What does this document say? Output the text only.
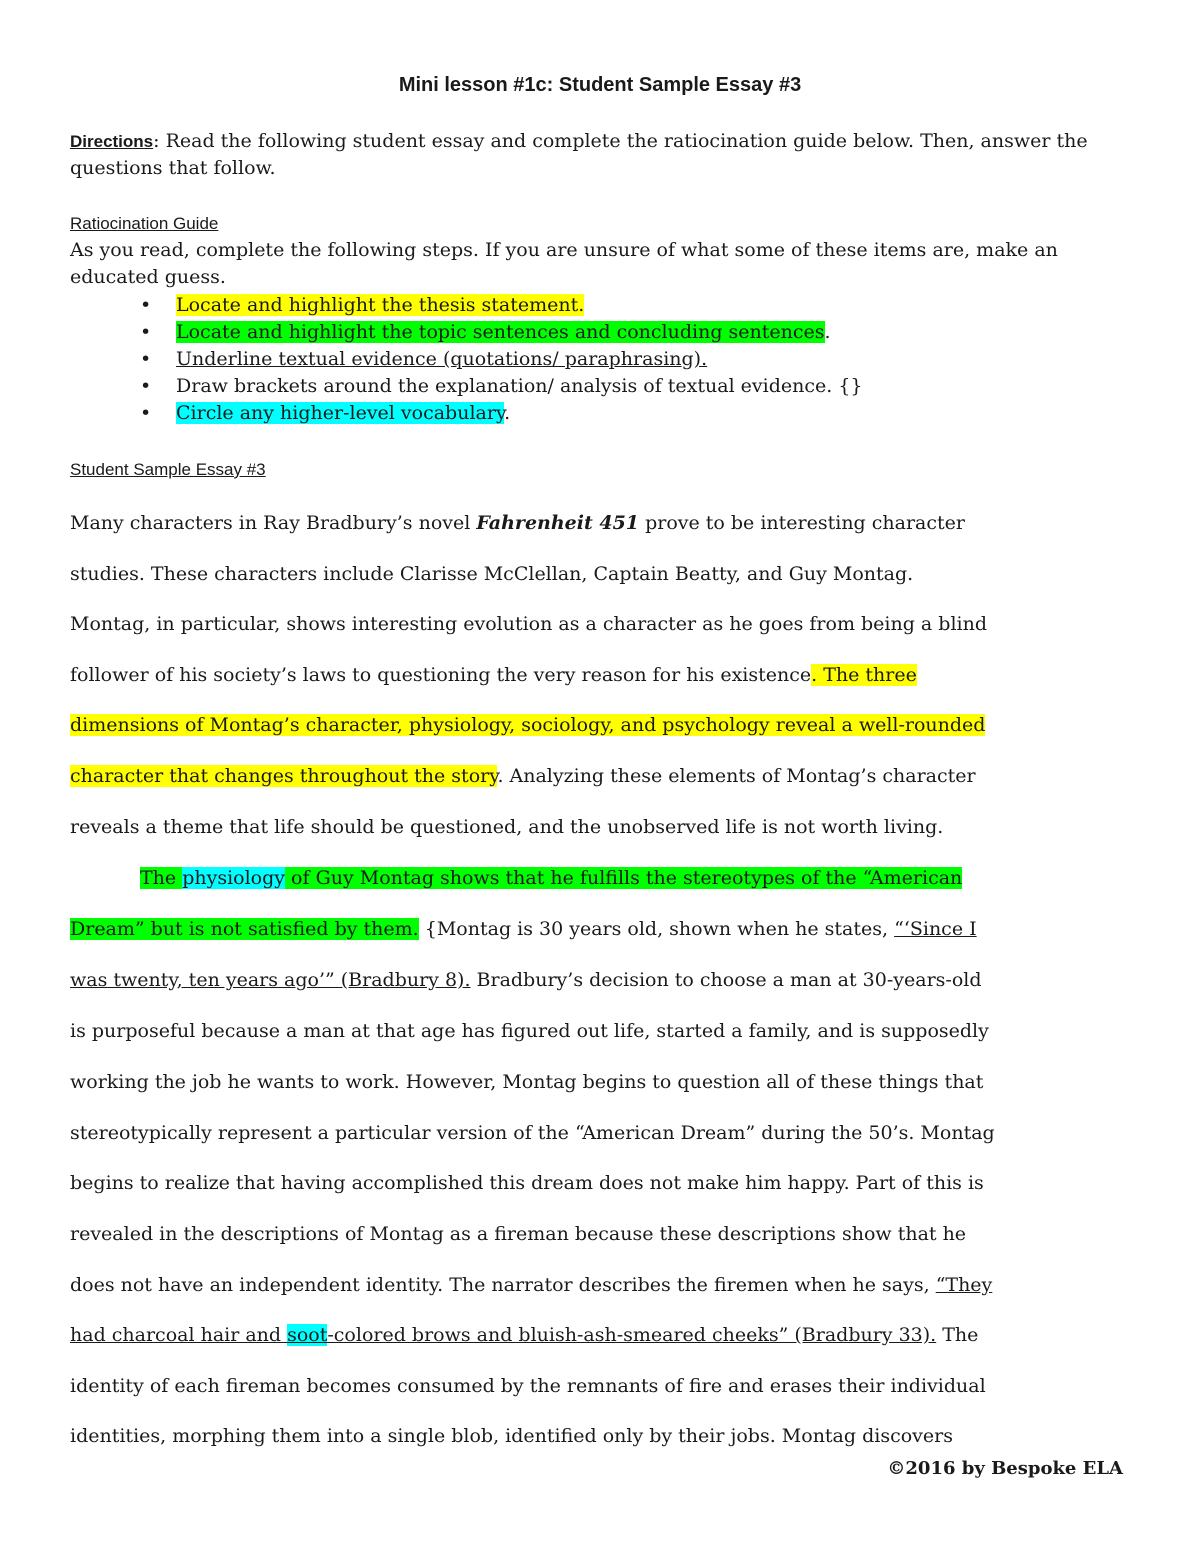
Mini lesson #1c: Student Sample Essay #3
Directions: Read the following student essay and complete the ratiocination guide below. Then, answer the questions that follow.
Ratiocination Guide
As you read, complete the following steps. If you are unsure of what some of these items are, make an educated guess.
• Locate and highlight the thesis statement.
• Locate and highlight the topic sentences and concluding sentences.
• Underline textual evidence (quotations/ paraphrasing).
• Draw brackets around the explanation/ analysis of textual evidence. {}
• Circle any higher-level vocabulary.
Student Sample Essay #3
Many characters in Ray Bradbury’s novel Fahrenheit 451 prove to be interesting character
studies. These characters include Clarisse McClellan, Captain Beatty, and Guy Montag.
Montag, in particular, shows interesting evolution as a character as he goes from being a blind
follower of his society’s laws to questioning the very reason for his existence. The three
dimensions of Montag’s character, physiology, sociology, and psychology reveal a well-rounded
character that changes throughout the story. Analyzing these elements of Montag’s character
reveals a theme that life should be questioned, and the unobserved life is not worth living.
The physiology of Guy Montag shows that he fulfills the stereotypes of the “American
Dream” but is not satisfied by them. {Montag is 30 years old, shown when he states, “‘Since I
was twenty, ten years ago’” (Bradbury 8). Bradbury’s decision to choose a man at 30-years-old
is purposeful because a man at that age has figured out life, started a family, and is supposedly
working the job he wants to work. However, Montag begins to question all of these things that
stereotypically represent a particular version of the “American Dream” during the 50’s. Montag
begins to realize that having accomplished this dream does not make him happy. Part of this is
revealed in the descriptions of Montag as a fireman because these descriptions show that he
does not have an independent identity. The narrator describes the firemen when he says, “They
had charcoal hair and soot-colored brows and bluish-ash-smeared cheeks” (Bradbury 33). The
identity of each fireman becomes consumed by the remnants of fire and erases their individual
identities, morphing them into a single blob, identified only by their jobs. Montag discovers
©2016 by Bespoke ELA
